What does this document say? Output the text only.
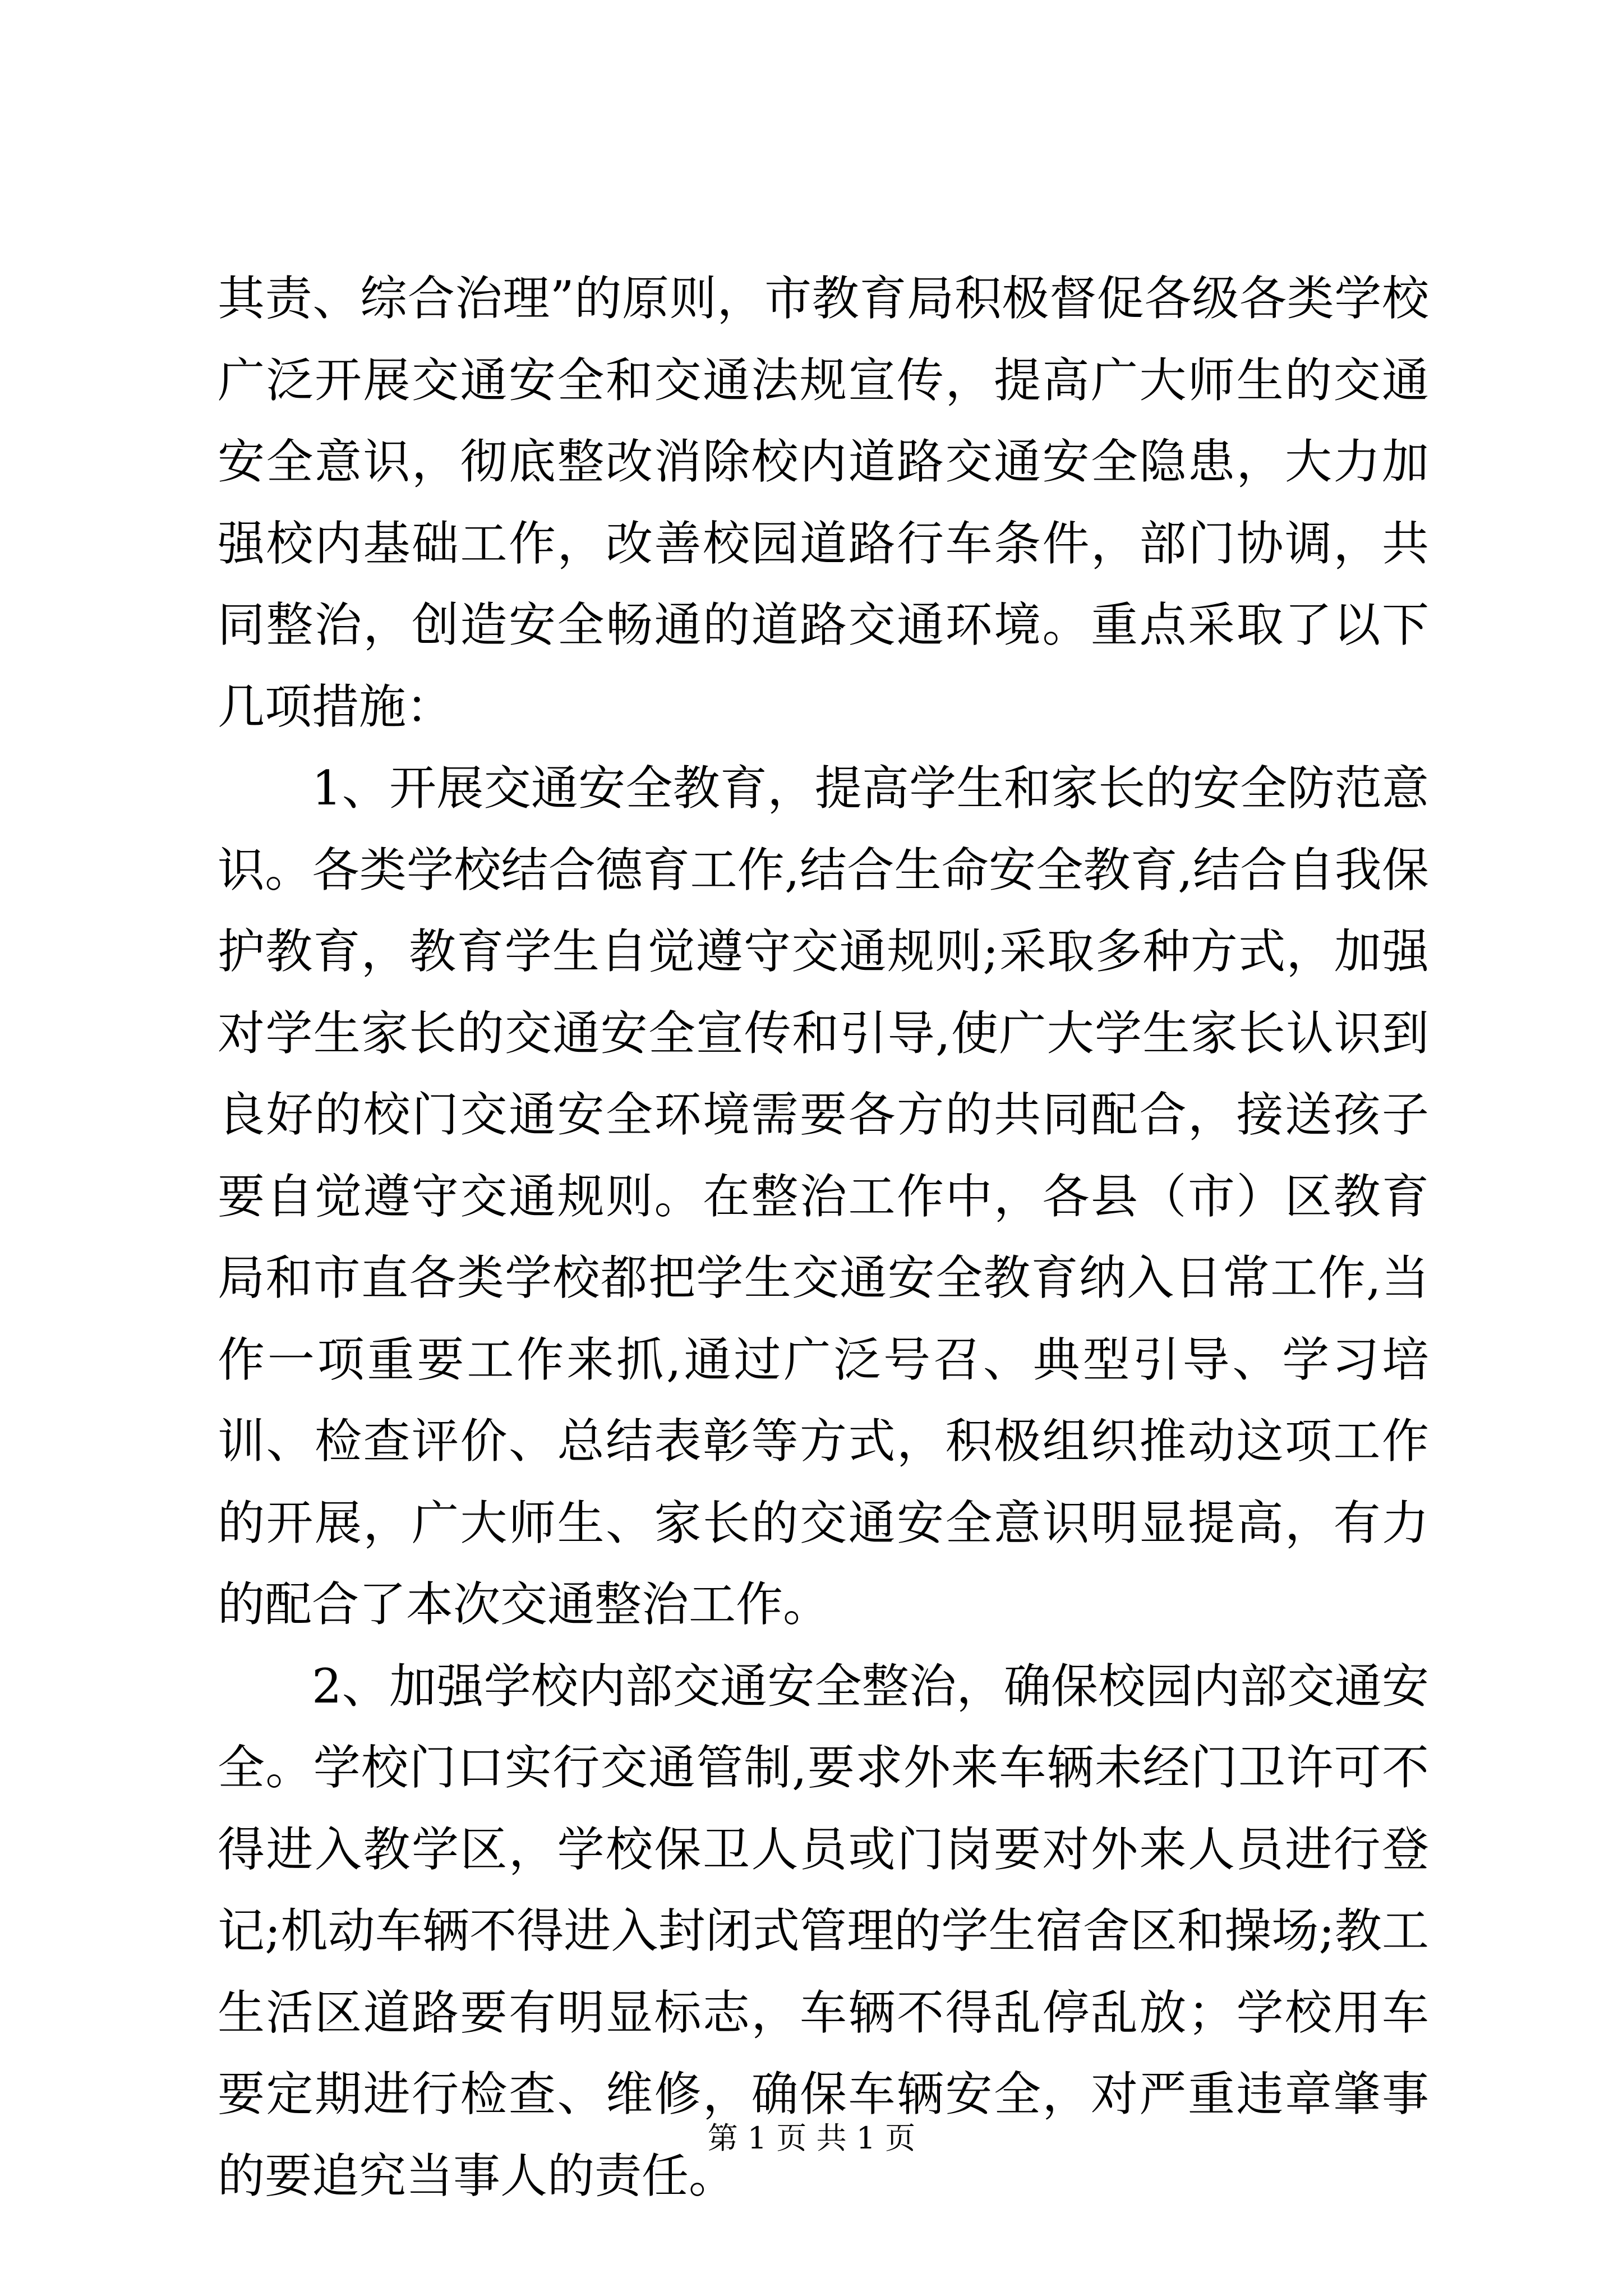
其责、综合治理”的原则，市教育局积极督促各级各类学校广泛开展交通安全和交通法规宣传，提高广大师生的交通安全意识，彻底整改消除校内道路交通安全隐患，大力加强校内基础工作，改善校园道路行车条件，部门协调，共同整治，创造安全畅通的道路交通环境。重点采取了以下几项措施：

1、开展交通安全教育，提高学生和家长的安全防范意识。各类学校结合德育工作,结合生命安全教育,结合自我保护教育，教育学生自觉遵守交通规则;采取多种方式，加强对学生家长的交通安全宣传和引导,使广大学生家长认识到良好的校门交通安全环境需要各方的共同配合，接送孩子要自觉遵守交通规则。在整治工作中，各县（市）区教育局和市直各类学校都把学生交通安全教育纳入日常工作,当作一项重要工作来抓,通过广泛号召、典型引导、学习培训、检查评价、总结表彰等方式，积极组织推动这项工作的开展，广大师生、家长的交通安全意识明显提高，有力的配合了本次交通整治工作。

2、加强学校内部交通安全整治，确保校园内部交通安全。学校门口实行交通管制,要求外来车辆未经门卫许可不得进入教学区，学校保卫人员或门岗要对外来人员进行登记;机动车辆不得进入封闭式管理的学生宿舍区和操场;教工生活区道路要有明显标志，车辆不得乱停乱放；学校用车要定期进行检查、维修，确保车辆安全，对严重违章肇事的要追究当事人的责任。

第 1 页 共 1 页
